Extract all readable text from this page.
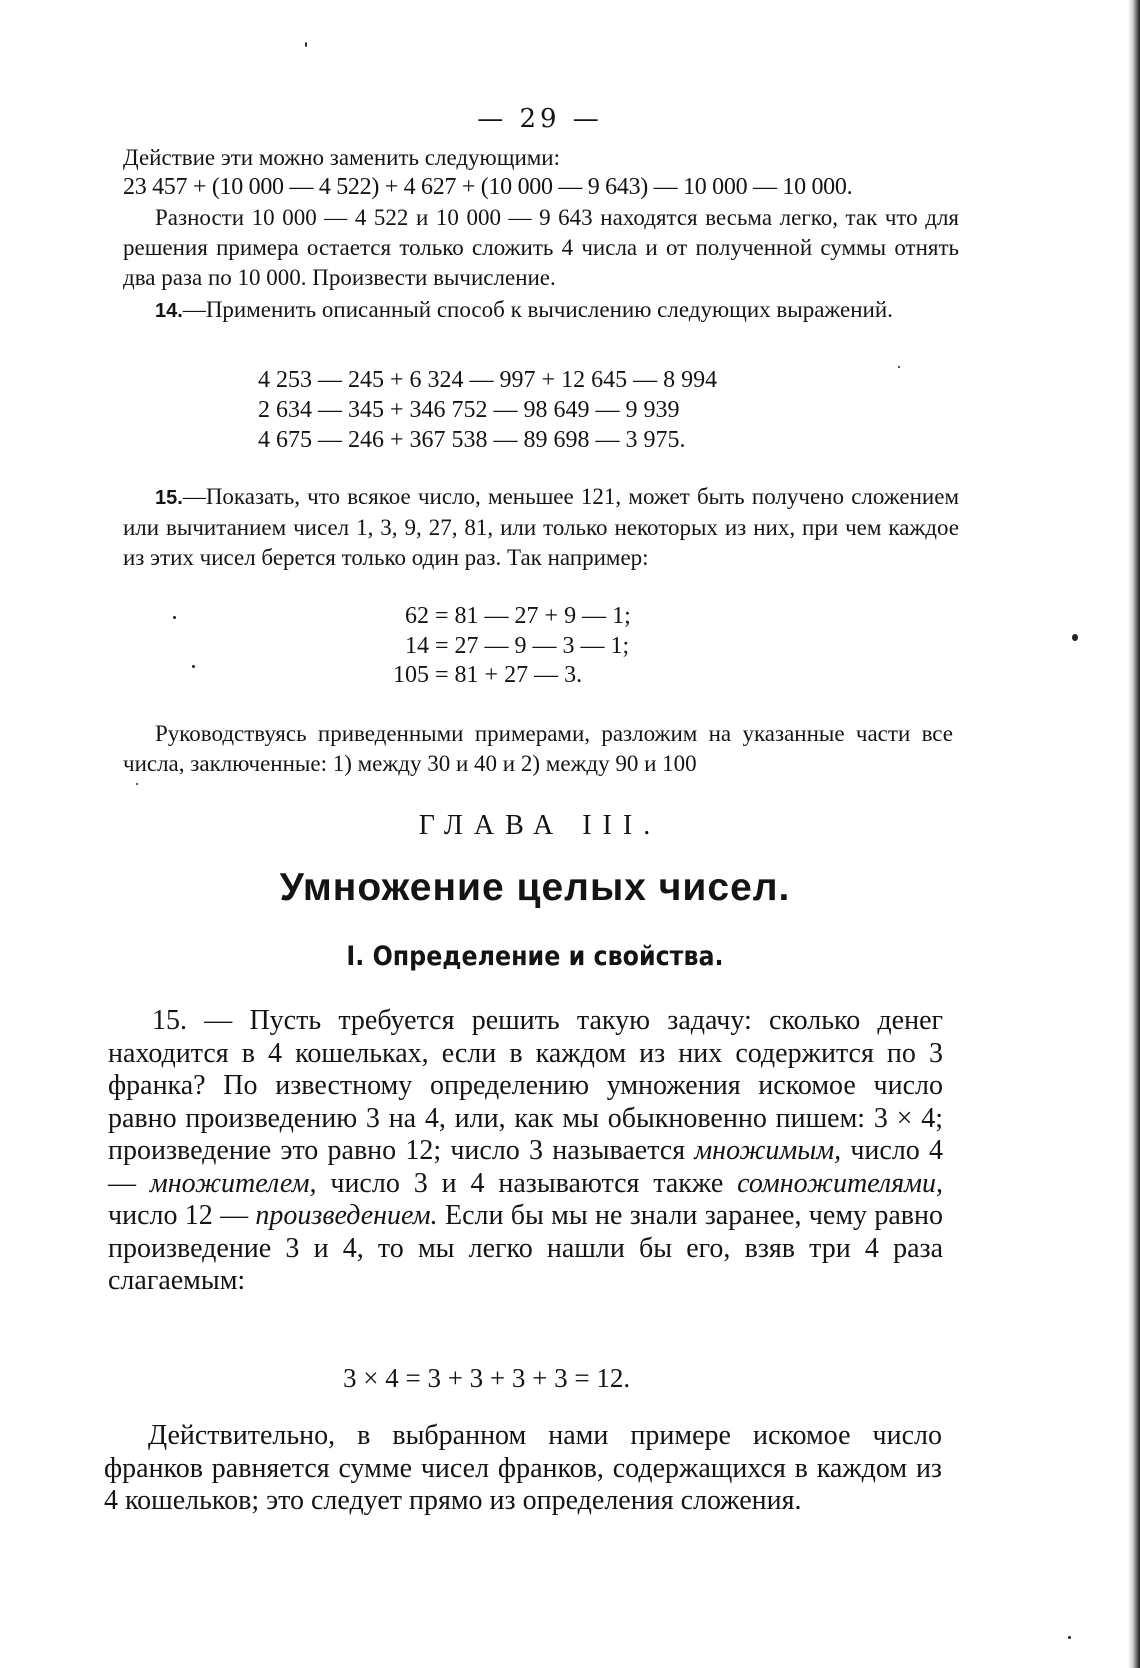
— 29 —

Действие эти можно заменить следующими:

23 457 + (10 000 — 4 522) + 4 627 + (10 000 — 9 643) — 10 000 — 10 000.

Разности 10 000 — 4 522 и 10 000 — 9 643 находятся весьма легко, так что для решения примера остается только сложить 4 числа и от полученной суммы отнять два раза по 10 000. Произвести вычисление.

14.—Применить описанный способ к вычислению следующих выражений.

4 253 — 245 + 6 324 — 997 + 12 645 — 8 994
2 634 — 345 + 346 752 — 98 649 — 9 939
4 675 — 246 + 367 538 — 89 698 — 3 975.

15.—Показать, что всякое число, меньшее 121, может быть получено сложением или вычитанием чисел 1, 3, 9, 27, 81, или только некоторых из них, при чем каждое из этих чисел берется только один раз. Так например:

62 = 81 — 27 + 9 — 1;
14 = 27 — 9 — 3 — 1;
105 = 81 + 27 — 3.

Руководствуясь приведенными примерами, разложим на указанные части все числа, заключенные: 1) между 30 и 40 и 2) между 90 и 100

ГЛАВА III.
Умножение целых чисел.
I. Определение и свойства.

15. — Пусть требуется решить такую задачу: сколько денег находится в 4 кошельках, если в каждом из них содержится по 3 франка? По известному определению умножения искомое число равно произведению 3 на 4, или, как мы обыкновенно пишем: 3 × 4; произведение это равно 12; число 3 называется множимым, число 4 — множителем, число 3 и 4 называются также сомножителями, число 12 — произведением. Если бы мы не знали заранее, чему равно произведение 3 и 4, то мы легко нашли бы его, взяв три 4 раза слагаемым:

3 × 4 = 3 + 3 + 3 + 3 = 12.

Действительно, в выбранном нами примере искомое число франков равняется сумме чисел франков, содержащихся в каждом из 4 кошельков; это следует прямо из определения сложения.
